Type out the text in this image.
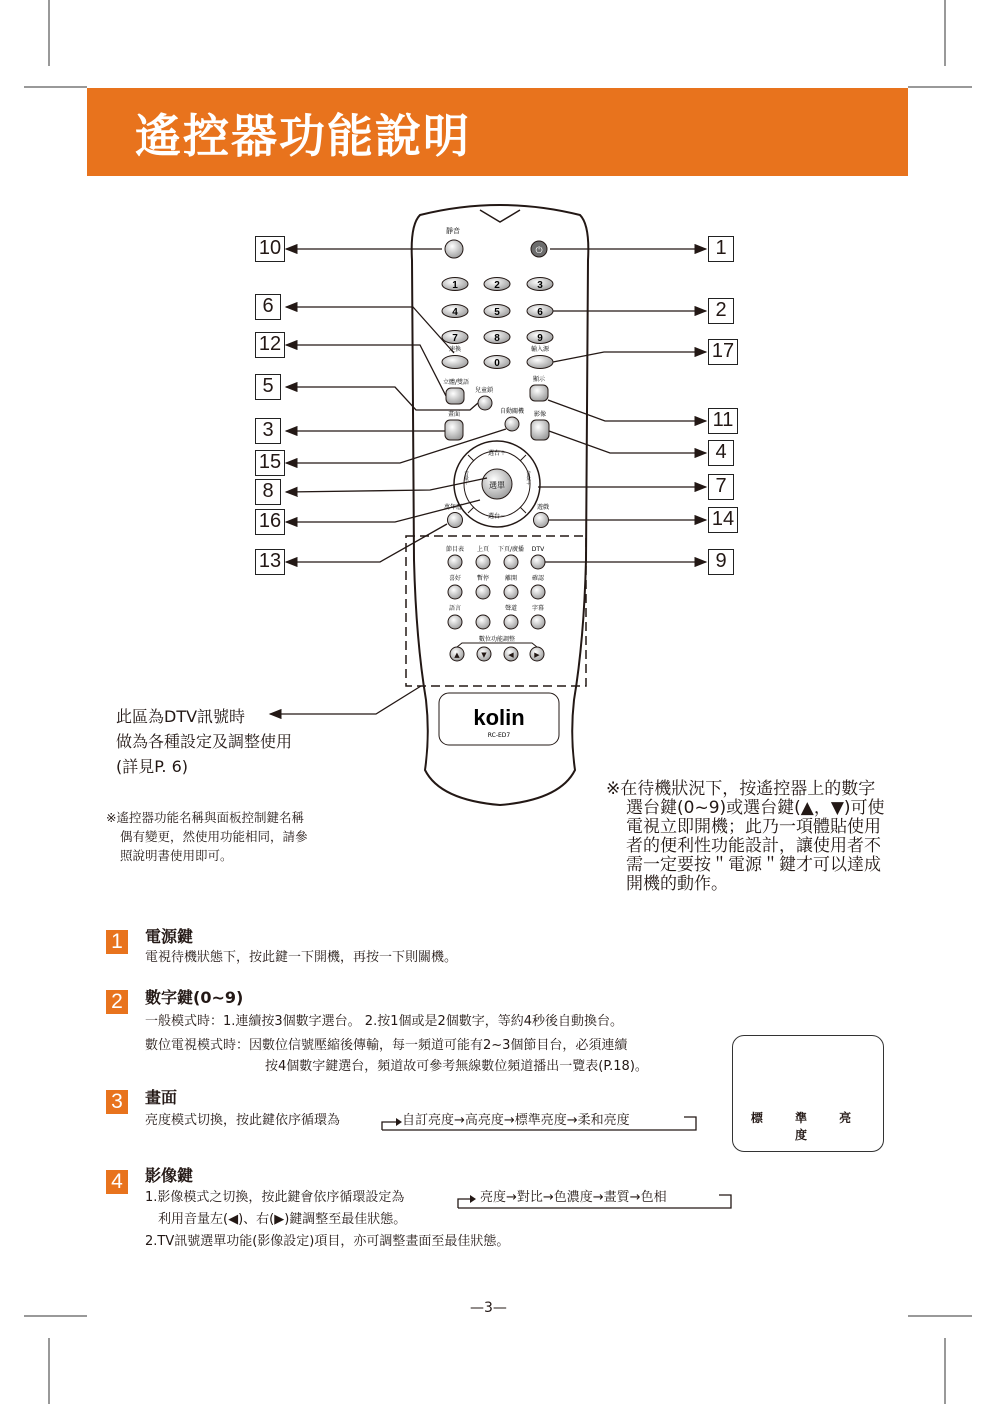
遙控器功能說明
靜音
⏻
1	2	3
4	5	6
7	8	9
0
速換	輸入源
立體/雙語
兒童鎖
顯示
自動關機
畫面	影像
選單
選台＋
選台－
音量－	音量＋
萬年曆	遊戲
節目表 上頁 下頁/廣播 DTV
喜好	暫停	離開 確認
語言	聲道 字幕
數位功能調整
▲	▼	◀	▶
kolin
RC-ED7
10	1
6	2
12	17
5
11
3
4
15
8	7
16	14
13	9
此區為DTV訊號時
做為各種設定及調整使用
(詳見P. 6)
※遙控器功能名稱與面板控制鍵名稱
偶有變更，然使用功能相同，請參
照說明書使用即可。
※在待機狀況下，按遙控器上的數字
選台鍵(0~9)或選台鍵(▲，▼)可使
電視立即開機；此乃一項體貼使用
者的便利性功能設計，讓使用者不
需一定要按＂電源＂鍵才可以達成
開機的動作。
1	電源鍵
電視待機狀態下，按此鍵一下開機，再按一下則關機。
2	數字鍵(0~9)
一般模式時：1.連續按3個數字選台。 2.按1個或是2個數字，等約4秒後自動換台。
數位電視模式時：因數位信號壓縮後傳輸，每一頻道可能有2~3個節目台，必須連續
按4個數字鍵選台，頻道故可參考無線數位頻道播出一覽表(P.18)。
3	畫面
亮度模式切換，按此鍵依序循環為	自訂亮度→高亮度→標準亮度→柔和亮度	標 準 亮 度
4	影像鍵
1.影像模式之切換，按此鍵會依序循環設定為	亮度→對比→色濃度→畫質→色相
利用音量左(◀)、右(▶)鍵調整至最佳狀態。
2.TV訊號選單功能(影像設定)項目，亦可調整畫面至最佳狀態。
—3—
